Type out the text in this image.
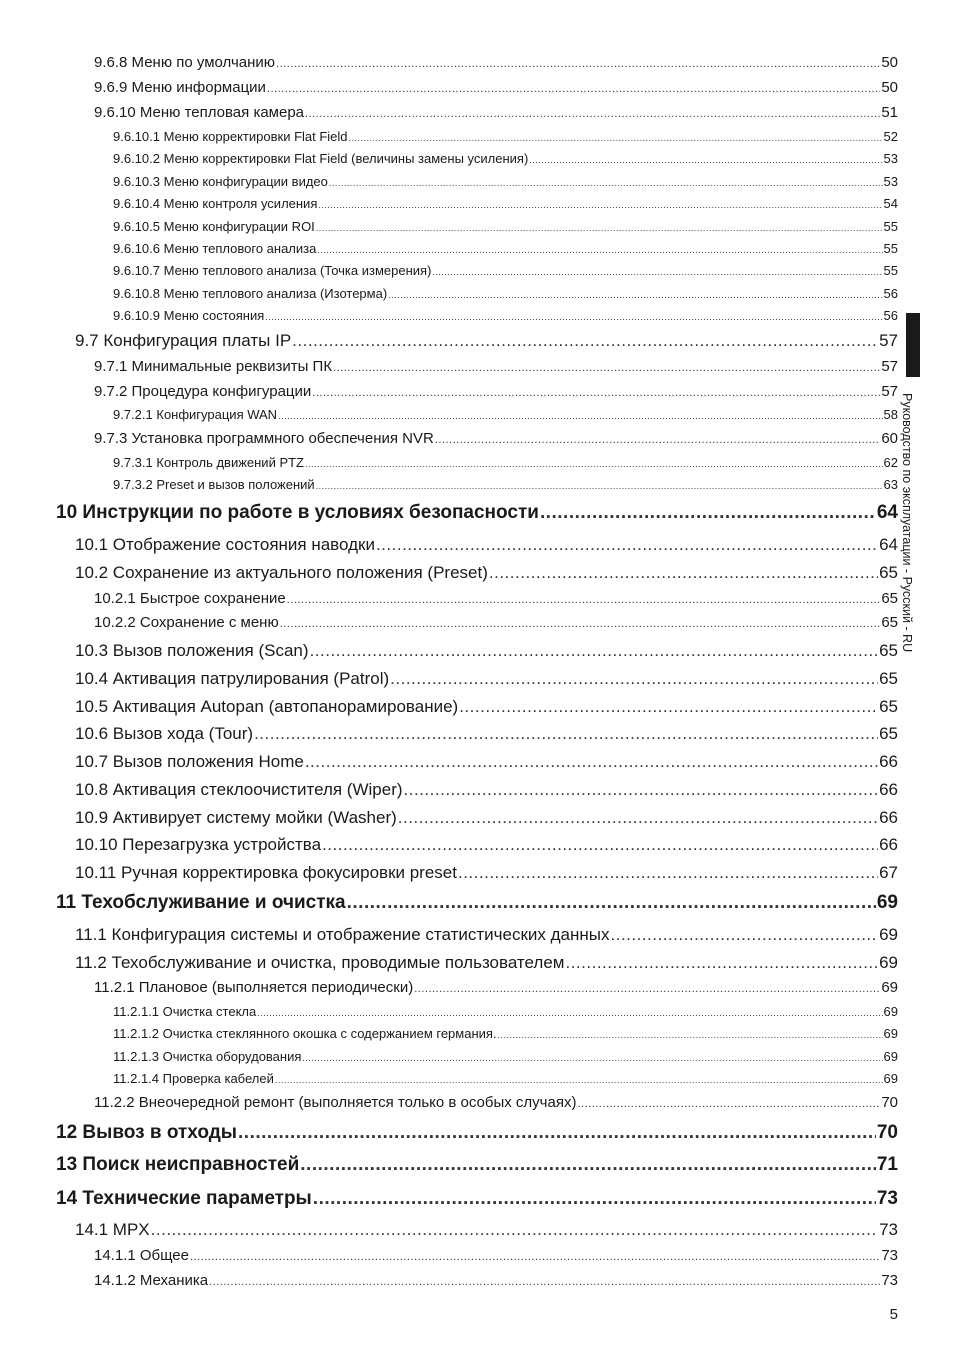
9.6.8 Меню по умолчанию .....	50
9.6.9 Меню информации .....	50
9.6.10 Меню тепловая камера .....	51
9.6.10.1 Меню корректировки Flat Field .....	52
9.6.10.2 Меню корректировки Flat Field (величины замены усиления) .....	53
9.6.10.3 Меню конфигурации видео .....	53
9.6.10.4 Меню контроля усиления .....	54
9.6.10.5 Меню конфигурации ROI .....	55
9.6.10.6 Меню теплового анализа .....	55
9.6.10.7 Меню теплового анализа (Точка измерения) .....	55
9.6.10.8 Меню теплового анализа (Изотерма) .....	56
9.6.10.9 Меню состояния .....	56
9.7 Конфигурация платы IP .....	57
9.7.1 Минимальные реквизиты ПК .....	57
9.7.2 Процедура конфигурации .....	57
9.7.2.1 Конфигурация WAN .....	58
9.7.3 Установка программного обеспечения NVR .....	60
9.7.3.1 Контроль движений PTZ .....	62
9.7.3.2 Preset и вызов положений .....	63
10 Инструкции по работе в условиях безопасности .....	64
10.1 Отображение состояния наводки .....	64
10.2 Сохранение из актуального положения (Preset) .....	65
10.2.1 Быстрое сохранение .....	65
10.2.2 Сохранение с меню .....	65
10.3 Вызов положения (Scan) .....	65
10.4 Активация патрулирования (Patrol) .....	65
10.5 Активация Autopan (автопанорамирование) .....	65
10.6 Вызов хода (Tour) .....	65
10.7 Вызов положения Home .....	66
10.8 Активация стеклоочистителя (Wiper) .....	66
10.9 Активирует систему мойки (Washer) .....	66
10.10 Перезагрузка устройства .....	66
10.11 Ручная корректировка фокусировки preset .....	67
11 Техобслуживание и очистка .....	69
11.1 Конфигурация системы и отображение статистических данных .....	69
11.2 Техобслуживание и очистка, проводимые пользователем .....	69
11.2.1 Плановое (выполняется периодически) .....	69
11.2.1.1 Очистка стекла .....	69
11.2.1.2 Очистка стеклянного окошка с содержанием германия. .....	69
11.2.1.3 Очистка оборудования .....	69
11.2.1.4 Проверка кабелей .....	69
11.2.2 Внеочередной ремонт (выполняется только в особых случаях) .....	70
12 Вывоз в отходы .....	70
13 Поиск неисправностей .....	71
14 Технические параметры .....	73
14.1 MPX .....	73
14.1.1 Общее .....	73
14.1.2 Механика .....	73
Руководство по эксплуатации - Русский - RU
5
